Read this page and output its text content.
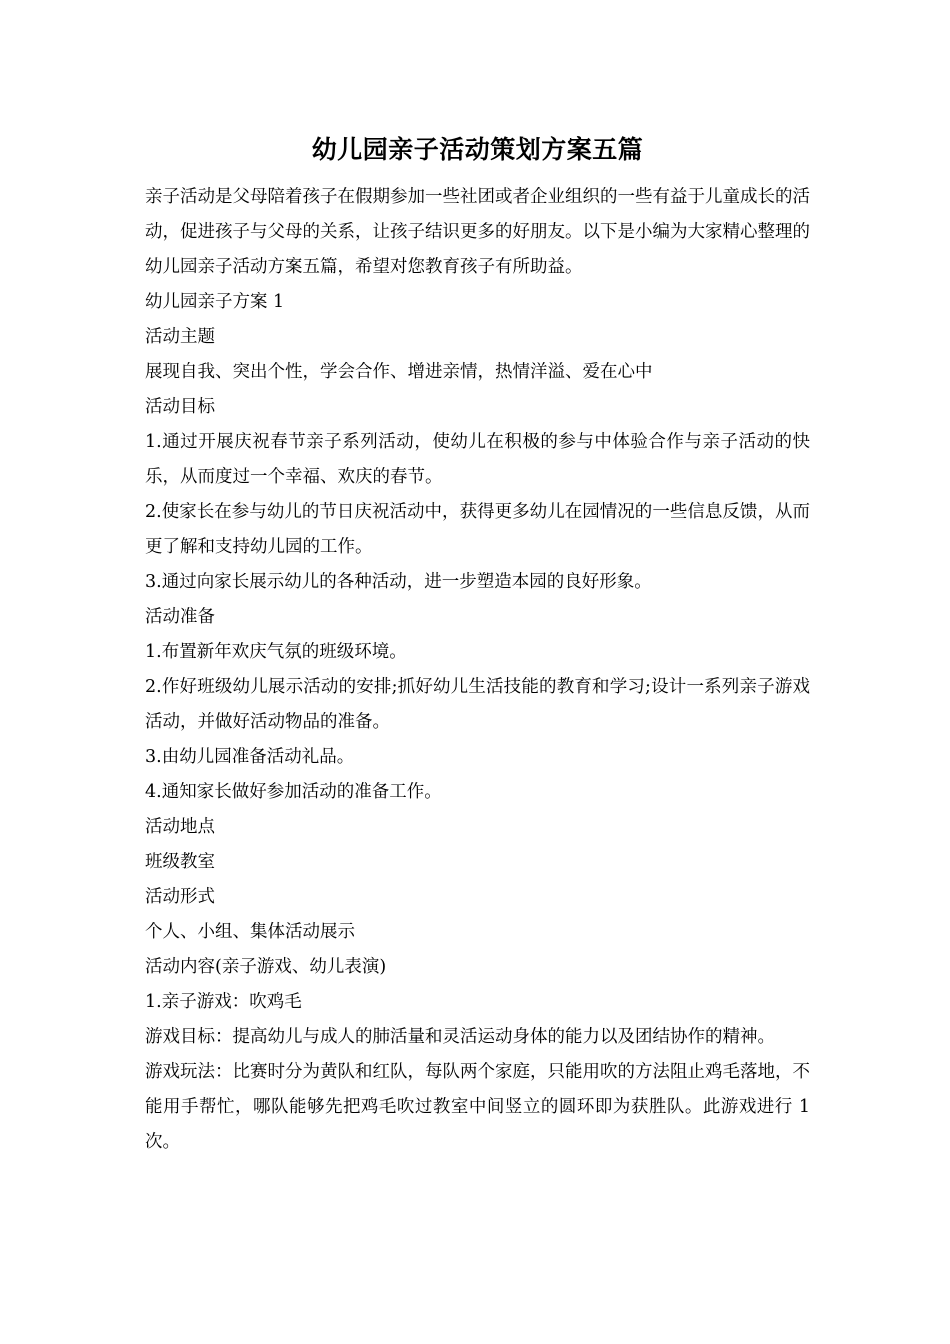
幼儿园亲子活动策划方案五篇

亲子活动是父母陪着孩子在假期参加一些社团或者企业组织的一些有益于儿童成长的活动，促进孩子与父母的关系，让孩子结识更多的好朋友。以下是小编为大家精心整理的幼儿园亲子活动方案五篇，希望对您教育孩子有所助益。

幼儿园亲子方案 1

活动主题

展现自我、突出个性，学会合作、增进亲情，热情洋溢、爱在心中

活动目标

1.通过开展庆祝春节亲子系列活动，使幼儿在积极的参与中体验合作与亲子活动的快乐，从而度过一个幸福、欢庆的春节。

2.使家长在参与幼儿的节日庆祝活动中，获得更多幼儿在园情况的一些信息反馈，从而更了解和支持幼儿园的工作。

3.通过向家长展示幼儿的各种活动，进一步塑造本园的良好形象。

活动准备

1.布置新年欢庆气氛的班级环境。

2.作好班级幼儿展示活动的安排;抓好幼儿生活技能的教育和学习;设计一系列亲子游戏活动，并做好活动物品的准备。

3.由幼儿园准备活动礼品。

4.通知家长做好参加活动的准备工作。

活动地点

班级教室

活动形式

个人、小组、集体活动展示

活动内容(亲子游戏、幼儿表演)

1.亲子游戏：吹鸡毛

游戏目标：提高幼儿与成人的肺活量和灵活运动身体的能力以及团结协作的精神。

游戏玩法：比赛时分为黄队和红队，每队两个家庭，只能用吹的方法阻止鸡毛落地，不能用手帮忙，哪队能够先把鸡毛吹过教室中间竖立的圆环即为获胜队。此游戏进行 1 次。
